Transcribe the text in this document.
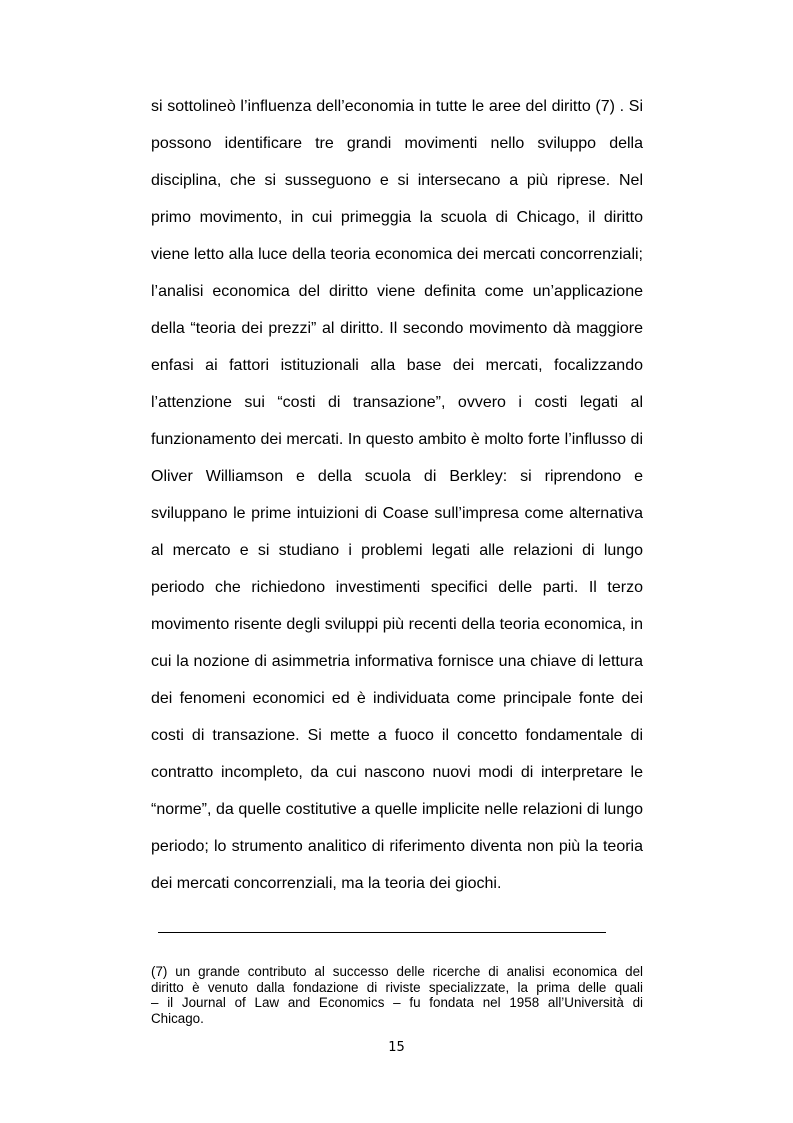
si sottolineò l’influenza dell’economia in tutte le aree del diritto (7) . Si
possono identificare tre grandi movimenti nello sviluppo della
disciplina, che si susseguono e si intersecano a più riprese. Nel
primo movimento, in cui primeggia la scuola di Chicago, il diritto
viene letto alla luce della teoria economica dei mercati concorrenziali;
l’analisi economica del diritto viene definita come un’applicazione
della “teoria dei prezzi” al diritto. Il secondo movimento dà maggiore
enfasi ai fattori istituzionali alla base dei mercati, focalizzando
l’attenzione sui “costi di transazione”, ovvero i costi legati al
funzionamento dei mercati. In questo ambito è molto forte l’influsso di
Oliver Williamson e della scuola di Berkley: si riprendono e
sviluppano le prime intuizioni di Coase sull’impresa come alternativa
al mercato e si studiano i problemi legati alle relazioni di lungo
periodo che richiedono investimenti specifici delle parti. Il terzo
movimento risente degli sviluppi più recenti della teoria economica, in
cui la nozione di asimmetria informativa fornisce una chiave di lettura
dei fenomeni economici ed è individuata come principale fonte dei
costi di transazione. Si mette a fuoco il concetto fondamentale di
contratto incompleto, da cui nascono nuovi modi di interpretare le
“norme”, da quelle costitutive a quelle implicite nelle relazioni di lungo
periodo; lo strumento analitico di riferimento diventa non più la teoria
dei mercati concorrenziali, ma la teoria dei giochi.
(7) un grande contributo al successo delle ricerche di analisi economica del
diritto è venuto dalla fondazione di riviste specializzate, la prima delle quali
– il Journal of Law and Economics – fu fondata nel 1958 all’Università di
Chicago.
15
